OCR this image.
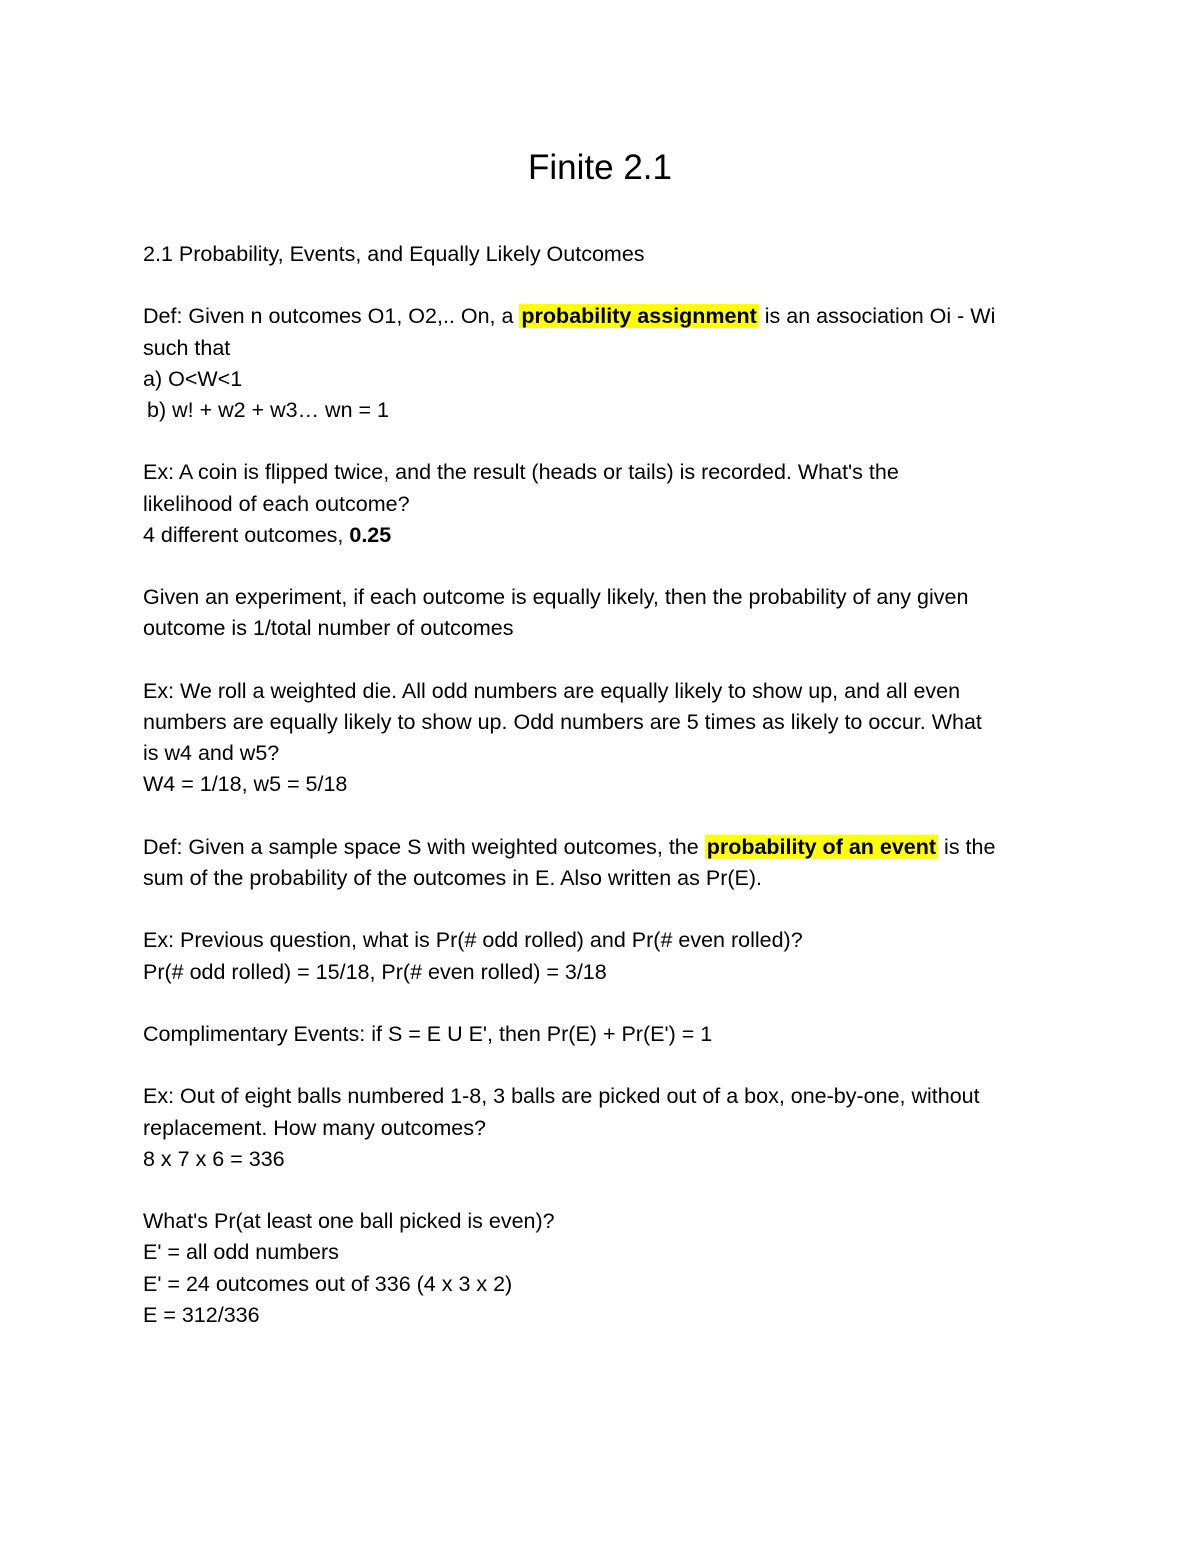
Finite 2.1

2.1 Probability, Events, and Equally Likely Outcomes

Def: Given n outcomes O1, O2,.. On, a probability assignment is an association Oi - Wi

such that

a) O<W<1

b) w! + w2 + w3… wn = 1

Ex: A coin is flipped twice, and the result (heads or tails) is recorded. What's the

likelihood of each outcome?

4 different outcomes, 0.25

Given an experiment, if each outcome is equally likely, then the probability of any given

outcome is 1/total number of outcomes

Ex: We roll a weighted die. All odd numbers are equally likely to show up, and all even

numbers are equally likely to show up. Odd numbers are 5 times as likely to occur. What

is w4 and w5?

W4 = 1/18, w5 = 5/18

Def: Given a sample space S with weighted outcomes, the probability of an event is the

sum of the probability of the outcomes in E. Also written as Pr(E).

Ex: Previous question, what is Pr(# odd rolled) and Pr(# even rolled)?

Pr(# odd rolled) = 15/18, Pr(# even rolled) = 3/18

Complimentary Events: if S = E U E', then Pr(E) + Pr(E') = 1

Ex: Out of eight balls numbered 1-8, 3 balls are picked out of a box, one-by-one, without

replacement. How many outcomes?

8 x 7 x 6 = 336

What's Pr(at least one ball picked is even)?

E' = all odd numbers

E' = 24 outcomes out of 336 (4 x 3 x 2)

E = 312/336
